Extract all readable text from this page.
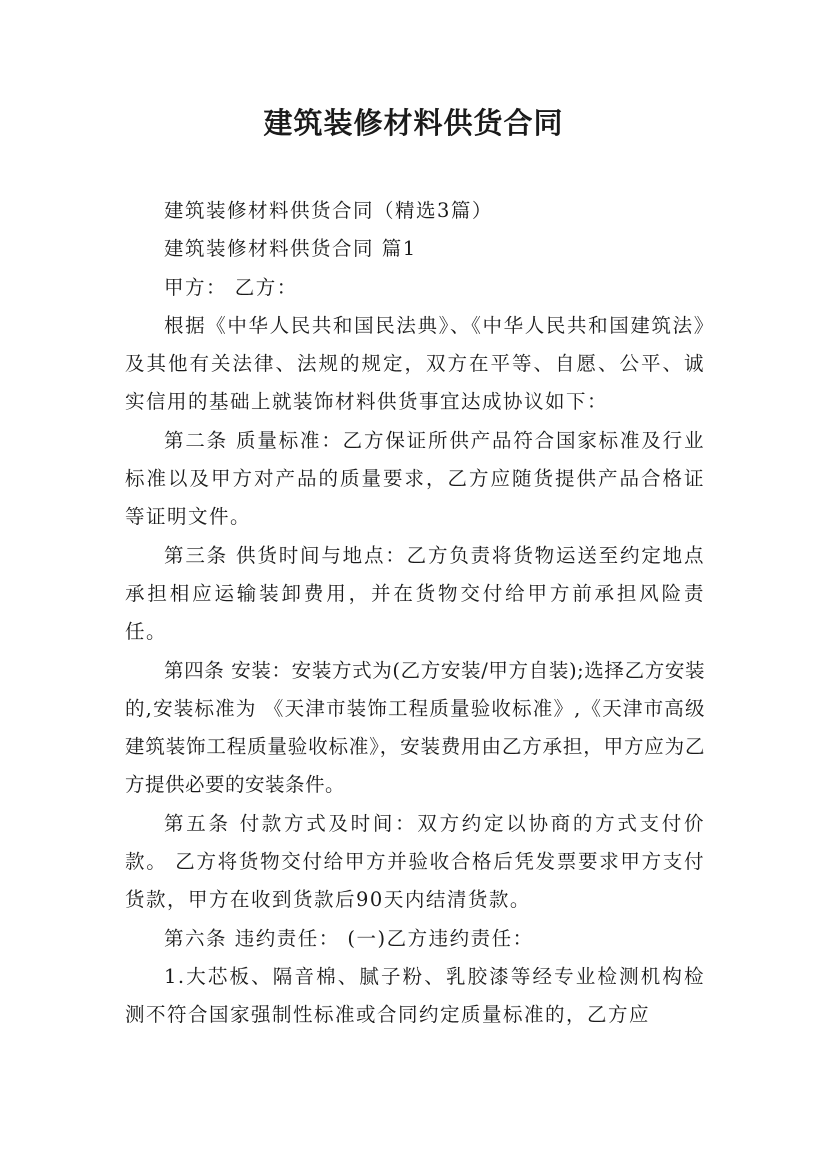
建筑装修材料供货合同

建筑装修材料供货合同（精选3篇）

建筑装修材料供货合同 篇1

甲方： 乙方：

根据《中华人民共和国民法典》、《中华人民共和国建筑法》及其他有关法律、法规的规定，双方在平等、自愿、公平、诚实信用的基础上就装饰材料供货事宜达成协议如下：

第二条 质量标准：乙方保证所供产品符合国家标准及行业标准以及甲方对产品的质量要求，乙方应随货提供产品合格证等证明文件。

第三条 供货时间与地点：乙方负责将货物运送至约定地点承担相应运输装卸费用，并在货物交付给甲方前承担风险责任。

第四条 安装：安装方式为(乙方安装/甲方自装);选择乙方安装的,安装标准为 《天津市装饰工程质量验收标准》,《天津市高级建筑装饰工程质量验收标准》，安装费用由乙方承担，甲方应为乙方提供必要的安装条件。

第五条 付款方式及时间：双方约定以协商的方式支付价款。 乙方将货物交付给甲方并验收合格后凭发票要求甲方支付货款，甲方在收到货款后90天内结清货款。

第六条 违约责任： (一)乙方违约责任：

1.大芯板、隔音棉、腻子粉、乳胶漆等经专业检测机构检测不符合国家强制性标准或合同约定质量标准的，乙方应
